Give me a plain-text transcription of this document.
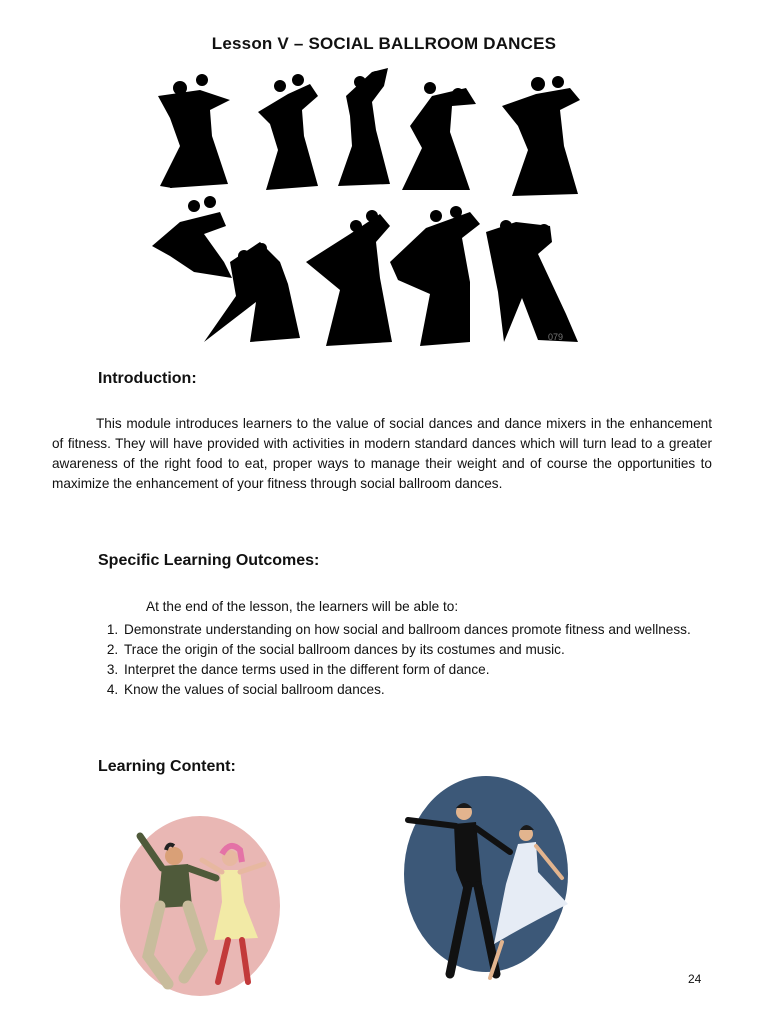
Lesson V – SOCIAL BALLROOM DANCES
079
Introduction:

This module introduces learners to the value of social dances and dance mixers in the enhancement of fitness. They will have provided with activities in modern standard dances which will turn lead to a greater awareness of the right food to eat, proper ways to manage their weight and of course the opportunities to maximize the enhancement of your fitness through social ballroom dances.

Specific Learning Outcomes:
At the end of the lesson, the learners will be able to:
1. Demonstrate understanding on how social and ballroom dances promote fitness and wellness.
2. Trace the origin of the social ballroom dances by its costumes and music.
3. Interpret the dance terms used in the different form of dance.
4. Know the values of social ballroom dances.
Learning Content:
24
